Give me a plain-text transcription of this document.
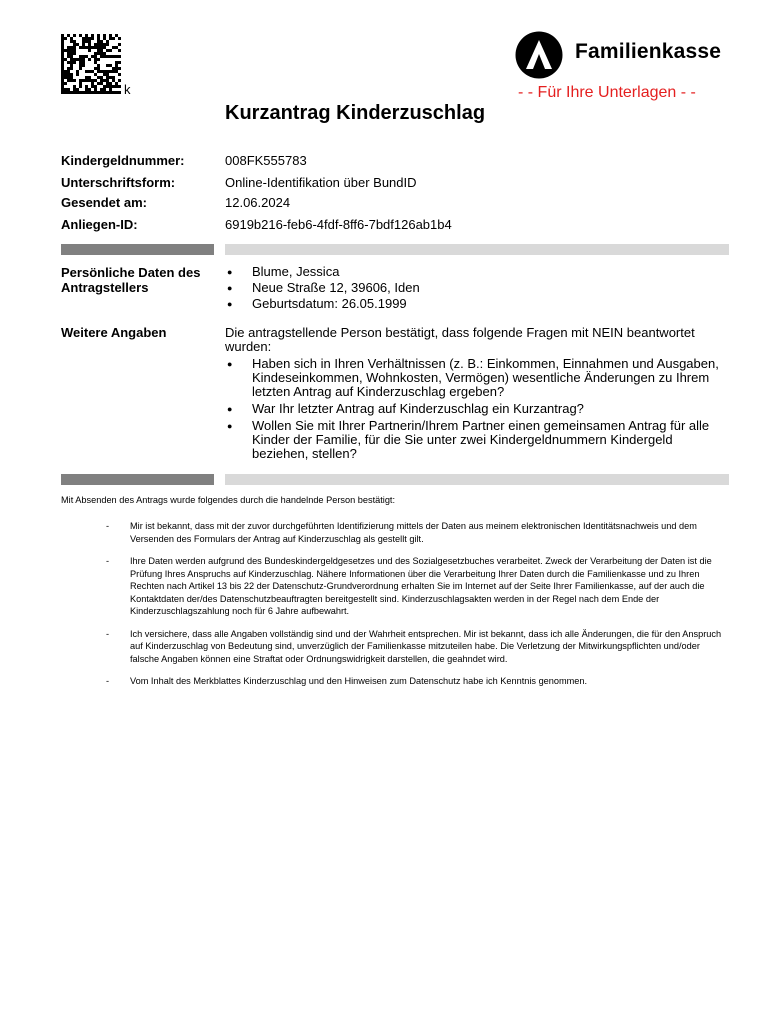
k
Familienkasse
- - Für Ihre Unterlagen - -
Kurzantrag Kinderzuschlag
Kindergeldnummer:	008FK555783
Unterschriftsform:	Online-Identifikation über BundID
Gesendet am:	12.06.2024
Anliegen-ID:	6919b216-feb6-4fdf-8ff6-7bdf126ab1b4
Persönliche Daten des Antragstellers
● Blume, Jessica
● Neue Straße 12, 39606, Iden
● Geburtsdatum: 26.05.1999
Weitere Angaben	Die antragstellende Person bestätigt, dass folgende Fragen mit NEIN beantwortet wurden:

● Haben sich in Ihren Verhältnissen (z. B.: Einkommen, Einnahmen und Ausgaben, Kindeseinkommen, Wohnkosten, Vermögen) wesentliche Änderungen zu Ihrem letzten Antrag auf Kinderzuschlag ergeben?
● War Ihr letzter Antrag auf Kinderzuschlag ein Kurzantrag?
● Wollen Sie mit Ihrer Partnerin/Ihrem Partner einen gemeinsamen Antrag für alle Kinder der Familie, für die Sie unter zwei Kindergeldnummern Kindergeld beziehen, stellen?
Mit Absenden des Antrags wurde folgendes durch die handelnde Person bestätigt:
- Mir ist bekannt, dass mit der zuvor durchgeführten Identifizierung mittels der Daten aus meinem elektronischen Identitätsnachweis und dem Versenden des Formulars der Antrag auf Kinderzuschlag als gestellt gilt.
- Ihre Daten werden aufgrund des Bundeskindergeldgesetzes und des Sozialgesetzbuches verarbeitet. Zweck der Verarbeitung der Daten ist die Prüfung Ihres Anspruchs auf Kinderzuschlag. Nähere Informationen über die Verarbeitung Ihrer Daten durch die Familienkasse und zu Ihren Rechten nach Artikel 13 bis 22 der Datenschutz-Grundverordnung erhalten Sie im Internet auf der Seite Ihrer Familienkasse, auf der auch die Kontaktdaten der/des Datenschutzbeauftragten bereitgestellt sind. Kinderzuschlagsakten werden in der Regel nach dem Ende der Kinderzuschlagszahlung noch für 6 Jahre aufbewahrt.
- Ich versichere, dass alle Angaben vollständig sind und der Wahrheit entsprechen. Mir ist bekannt, dass ich alle Änderungen, die für den Anspruch auf Kinderzuschlag von Bedeutung sind, unverzüglich der Familienkasse mitzuteilen habe. Die Verletzung der Mitwirkungspflichten und/oder falsche Angaben können eine Straftat oder Ordnungswidrigkeit darstellen, die geahndet wird.
- Vom Inhalt des Merkblattes Kinderzuschlag und den Hinweisen zum Datenschutz habe ich Kenntnis genommen.
